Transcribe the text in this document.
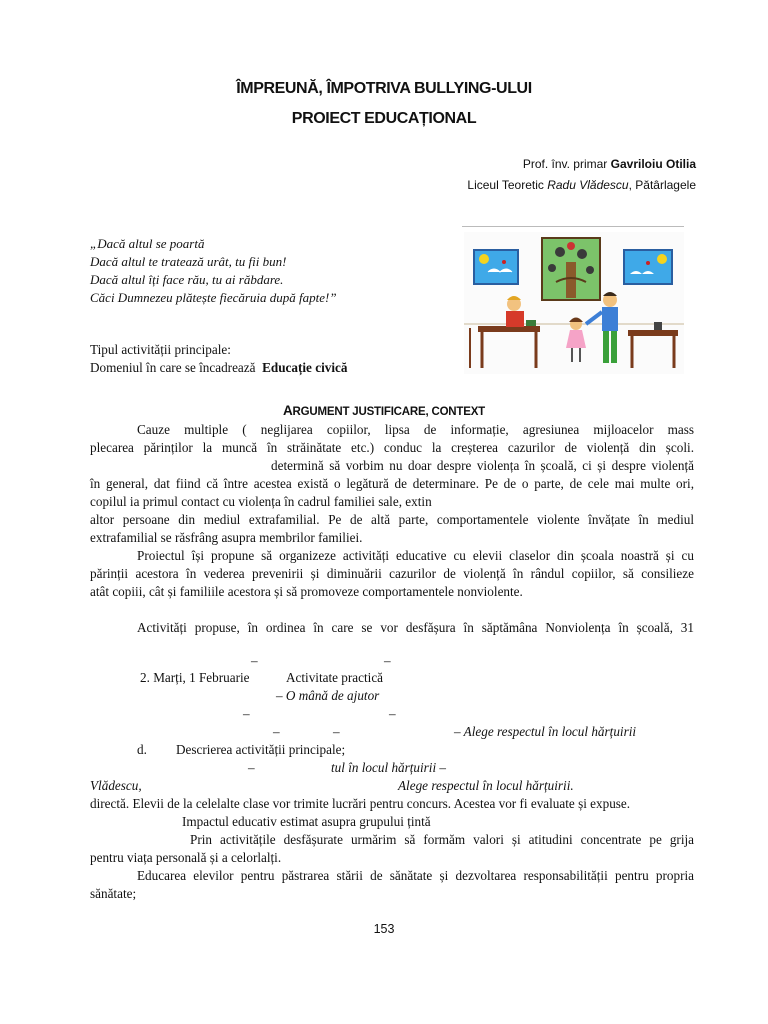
ÎMPREUNĂ, ÎMPOTRIVA BULLYING-ULUI
PROIECT EDUCAȚIONAL
Prof. înv. primar Gavriloiu Otilia
Liceul Teoretic Radu Vlădescu, Pătârlagele
„Dacă altul se poartă
Dacă altul te tratează urât, tu fii bun!
Dacă altul îți face rău, tu ai răbdare.
Căci Dumnezeu plătește fiecăruia după fapte!”
Tipul activității principale:
Domeniul în care se încadrează Educație civică
ARGUMENT JUSTIFICARE, CONTEXT
Cauze multiple ( neglijarea copiilor, lipsa de informație, agresiunea mijloacelor mass
plecarea părinților la muncă în străinătate etc.) conduc la creșterea cazurilor de violență din școli.
determină să vorbim nu doar despre violența în școală, ci și despre violență
în general, dat fiind că între acestea există o legătură de determinare. Pe de o parte, de cele mai multe ori,
copilul ia primul contact cu violența în cadrul familiei sale, extin
altor persoane din mediul extrafamilial. Pe de altă parte, comportamentele violente învățate în mediul
extrafamilial se răsfrâng asupra membrilor familiei.
Proiectul își propune să organizeze activități educative cu elevii claselor din școala noastră și cu
părinții acestora în vederea prevenirii și diminuării cazurilor de violență în rândul copiilor, să consilieze
atât copiii, cât și familiile acestora și să promoveze comportamentele nonviolente.
Activități propuse, în ordinea în care se vor desfășura în săptămâna Nonviolența în școală, 31
–	–
2. Marți, 1 Februarie	Activitate practică
– O mână de ajutor
–	–
–	–	– Alege respectul în locul hărțuirii
d. Descrierea activității principale;
–	tul în locul hărțuirii –
Vlădescu,	Alege respectul în locul hărțuirii.
directă. Elevii de la celelalte clase vor trimite lucrări pentru concurs. Acestea vor fi evaluate și expuse.
Impactul educativ estimat asupra grupului țintă
Prin activitățile desfășurate urmărim să formăm valori și atitudini concentrate pe grija
pentru viața personală și a celorlalți.
Educarea elevilor pentru păstrarea stării de sănătate și dezvoltarea responsabilității pentru propria
sănătate;
153
